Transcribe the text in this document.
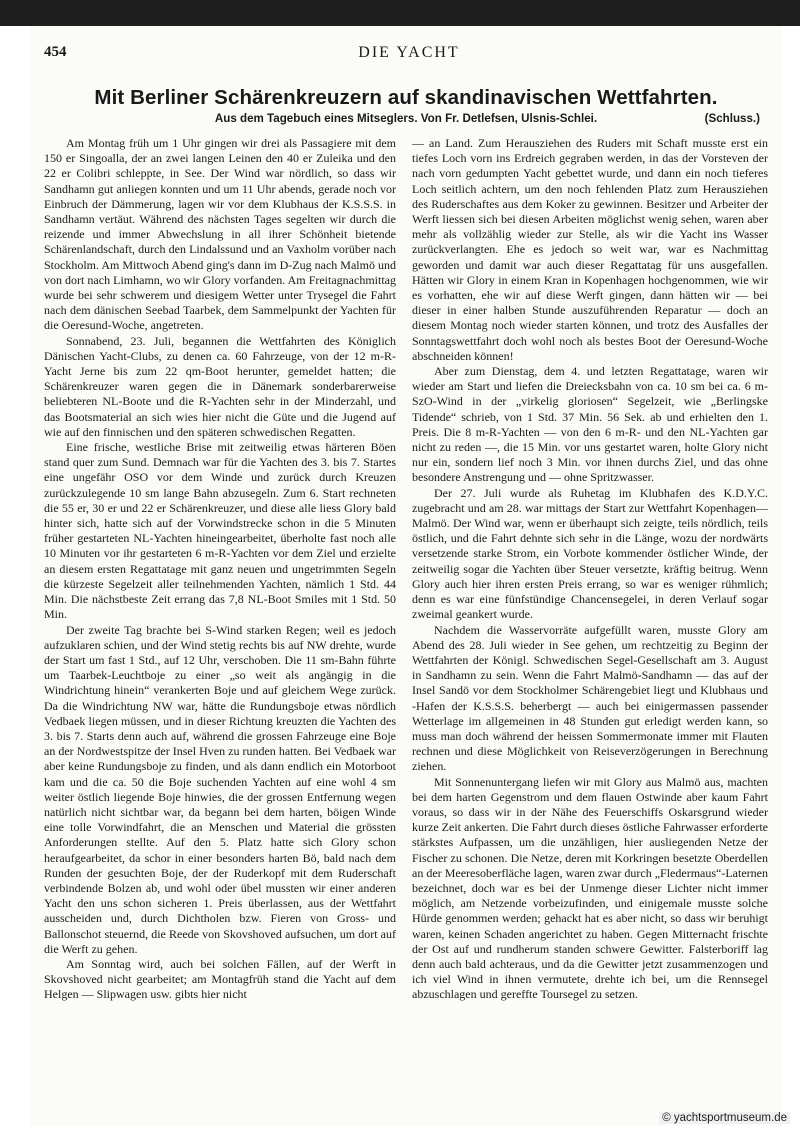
454	DIE YACHT
Mit Berliner Schärenkreuzern auf skandinavischen Wettfahrten.
Aus dem Tagebuch eines Mitseglers. Von Fr. Detlefsen, Ulsnis-Schlei.	(Schluss.)

Am Montag früh um 1 Uhr gingen wir drei als Passagiere mit dem 150 er Singoalla, der an zwei langen Leinen den 40 er Zuleika und den 22 er Colibri schleppte, in See. Der Wind war nördlich, so dass wir Sandhamn gut anliegen konnten und um 11 Uhr abends, gerade noch vor Einbruch der Dämmerung, lagen wir vor dem Klubhaus der K.S.S.S. in Sandhamn vertäut. Während des nächsten Tages segelten wir durch die reizende und immer Abwechslung in all ihrer Schönheit bietende Schärenlandschaft, durch den Lindalssund und an Vaxholm vorüber nach Stockholm. Am Mittwoch Abend ging's dann im D-Zug nach Malmö und von dort nach Limhamn, wo wir Glory vorfanden. Am Freitagnachmittag wurde bei sehr schwerem und diesigem Wetter unter Trysegel die Fahrt nach dem dänischen Seebad Taarbek, dem Sammelpunkt der Yachten für die Oeresund-Woche, angetreten.

Sonnabend, 23. Juli, begannen die Wettfahrten des Königlich Dänischen Yacht-Clubs, zu denen ca. 60 Fahrzeuge, von der 12 m-R-Yacht Jerne bis zum 22 qm-Boot herunter, gemeldet hatten; die Schärenkreuzer waren gegen die in Dänemark sonderbarerweise beliebteren NL-Boote und die R-Yachten sehr in der Minderzahl, und das Bootsmaterial an sich wies hier nicht die Güte und die Jugend auf wie auf den finnischen und den späteren schwedischen Regatten.

Eine frische, westliche Brise mit zeitweilig etwas härteren Böen stand quer zum Sund. Demnach war für die Yachten des 3. bis 7. Startes eine ungefähr OSO vor dem Winde und zurück durch Kreuzen zurückzulegende 10 sm lange Bahn abzusegeln. Zum 6. Start rechneten die 55 er, 30 er und 22 er Schärenkreuzer, und diese alle liess Glory bald hinter sich, hatte sich auf der Vorwindstrecke schon in die 5 Minuten früher gestarteten NL-Yachten hineingearbeitet, überholte fast noch alle 10 Minuten vor ihr gestarteten 6 m-R-Yachten vor dem Ziel und erzielte an diesem ersten Regattatage mit ganz neuen und ungetrimmten Segeln die kürzeste Segelzeit aller teilnehmenden Yachten, nämlich 1 Std. 44 Min. Die nächstbeste Zeit errang das 7,8 NL-Boot Smiles mit 1 Std. 50 Min.

Der zweite Tag brachte bei S-Wind starken Regen; weil es jedoch aufzuklaren schien, und der Wind stetig rechts bis auf NW drehte, wurde der Start um fast 1 Std., auf 12 Uhr, verschoben. Die 11 sm-Bahn führte um Taarbek-Leuchtboje zu einer „so weit als angängig in die Windrichtung hinein“ verankerten Boje und auf gleichem Wege zurück. Da die Windrichtung NW war, hätte die Rundungsboje etwas nördlich Vedbaek liegen müssen, und in dieser Richtung kreuzten die Yachten des 3. bis 7. Starts denn auch auf, während die grossen Fahrzeuge eine Boje an der Nordwestspitze der Insel Hven zu runden hatten. Bei Vedbaek war aber keine Rundungsboje zu finden, und als dann endlich ein Motorboot kam und die ca. 50 die Boje suchenden Yachten auf eine wohl 4 sm weiter östlich liegende Boje hinwies, die der grossen Entfernung wegen natürlich nicht sichtbar war, da begann bei dem harten, böigen Winde eine tolle Vorwindfahrt, die an Menschen und Material die grössten Anforderungen stellte. Auf den 5. Platz hatte sich Glory schon heraufgearbeitet, da schor in einer besonders harten Bö, bald nach dem Runden der gesuchten Boje, der der Ruderkopf mit dem Ruderschaft verbindende Bolzen ab, und wohl oder übel mussten wir einer anderen Yacht den uns schon sicheren 1. Preis überlassen, aus der Wettfahrt ausscheiden und, durch Dichtholen bzw. Fieren von Gross- und Ballonschot steuernd, die Reede von Skovshoved aufsuchen, um dort auf die Werft zu gehen.

Am Sonntag wird, auch bei solchen Fällen, auf der Werft in Skovshoved nicht gearbeitet; am Montagfrüh stand die Yacht auf dem Helgen — Slipwagen usw. gibts hier nicht

— an Land. Zum Herausziehen des Ruders mit Schaft musste erst ein tiefes Loch vorn ins Erdreich gegraben werden, in das der Vorsteven der nach vorn gedumpten Yacht gebettet wurde, und dann ein noch tieferes Loch seitlich achtern, um den noch fehlenden Platz zum Herausziehen des Ruderschaftes aus dem Koker zu gewinnen. Besitzer und Arbeiter der Werft liessen sich bei diesen Arbeiten möglichst wenig sehen, waren aber mehr als vollzählig wieder zur Stelle, als wir die Yacht ins Wasser zurückverlangten. Ehe es jedoch so weit war, war es Nachmittag geworden und damit war auch dieser Regattatag für uns ausgefallen. Hätten wir Glory in einem Kran in Kopenhagen hochgenommen, wie wir es vorhatten, ehe wir auf diese Werft gingen, dann hätten wir — bei dieser in einer halben Stunde auszuführenden Reparatur — doch an diesem Montag noch wieder starten können, und trotz des Ausfalles der Sonntagswettfahrt doch wohl noch als bestes Boot der Oeresund-Woche abschneiden können!

Aber zum Dienstag, dem 4. und letzten Regattatage, waren wir wieder am Start und liefen die Dreiecksbahn von ca. 10 sm bei ca. 6 m-SzO-Wind in der „virkelig gloriosen“ Segelzeit, wie „Berlingske Tidende“ schrieb, von 1 Std. 37 Min. 56 Sek. ab und erhielten den 1. Preis. Die 8 m-R-Yachten — von den 6 m-R- und den NL-Yachten gar nicht zu reden —, die 15 Min. vor uns gestartet waren, holte Glory nicht nur ein, sondern lief noch 3 Min. vor ihnen durchs Ziel, und das ohne besondere Anstrengung und — ohne Spritzwasser.

Der 27. Juli wurde als Ruhetag im Klubhafen des K.D.Y.C. zugebracht und am 28. war mittags der Start zur Wettfahrt Kopenhagen—Malmö. Der Wind war, wenn er überhaupt sich zeigte, teils nördlich, teils östlich, und die Fahrt dehnte sich sehr in die Länge, wozu der nordwärts versetzende starke Strom, ein Vorbote kommender östlicher Winde, der zeitweilig sogar die Yachten über Steuer versetzte, kräftig beitrug. Wenn Glory auch hier ihren ersten Preis errang, so war es weniger rühmlich; denn es war eine fünfstündige Chancensegelei, in deren Verlauf sogar zweimal geankert wurde.

Nachdem die Wasservorräte aufgefüllt waren, musste Glory am Abend des 28. Juli wieder in See gehen, um rechtzeitig zu Beginn der Wettfahrten der Königl. Schwedischen Segel-Gesellschaft am 3. August in Sandhamn zu sein. Wenn die Fahrt Malmö-Sandhamn — das auf der Insel Sandö vor dem Stockholmer Schärengebiet liegt und Klubhaus und -Hafen der K.S.S.S. beherbergt — auch bei einigermassen passender Wetterlage im allgemeinen in 48 Stunden gut erledigt werden kann, so muss man doch während der heissen Sommermonate immer mit Flauten rechnen und diese Möglichkeit von Reiseverzögerungen in Berechnung ziehen.

Mit Sonnenuntergang liefen wir mit Glory aus Malmö aus, machten bei dem harten Gegenstrom und dem flauen Ostwinde aber kaum Fahrt voraus, so dass wir in der Nähe des Feuerschiffs Oskarsgrund wieder kurze Zeit ankerten. Die Fahrt durch dieses östliche Fahrwasser erforderte stärkstes Aufpassen, um die unzähligen, hier ausliegenden Netze der Fischer zu schonen. Die Netze, deren mit Korkringen besetzte Oberdellen an der Meeresoberfläche lagen, waren zwar durch „Fledermaus“-Laternen bezeichnet, doch war es bei der Unmenge dieser Lichter nicht immer möglich, am Netzende vorbeizufinden, und einigemale musste solche Hürde genommen werden; gehackt hat es aber nicht, so dass wir beruhigt waren, keinen Schaden angerichtet zu haben. Gegen Mitternacht frischte der Ost auf und rundherum standen schwere Gewitter. Falsterboriff lag denn auch bald achteraus, und da die Gewitter jetzt zusammenzogen und ich viel Wind in ihnen vermutete, drehte ich bei, um die Rennsegel abzuschlagen und gereffte Toursegel zu setzen.

© yachtsportmuseum.de
